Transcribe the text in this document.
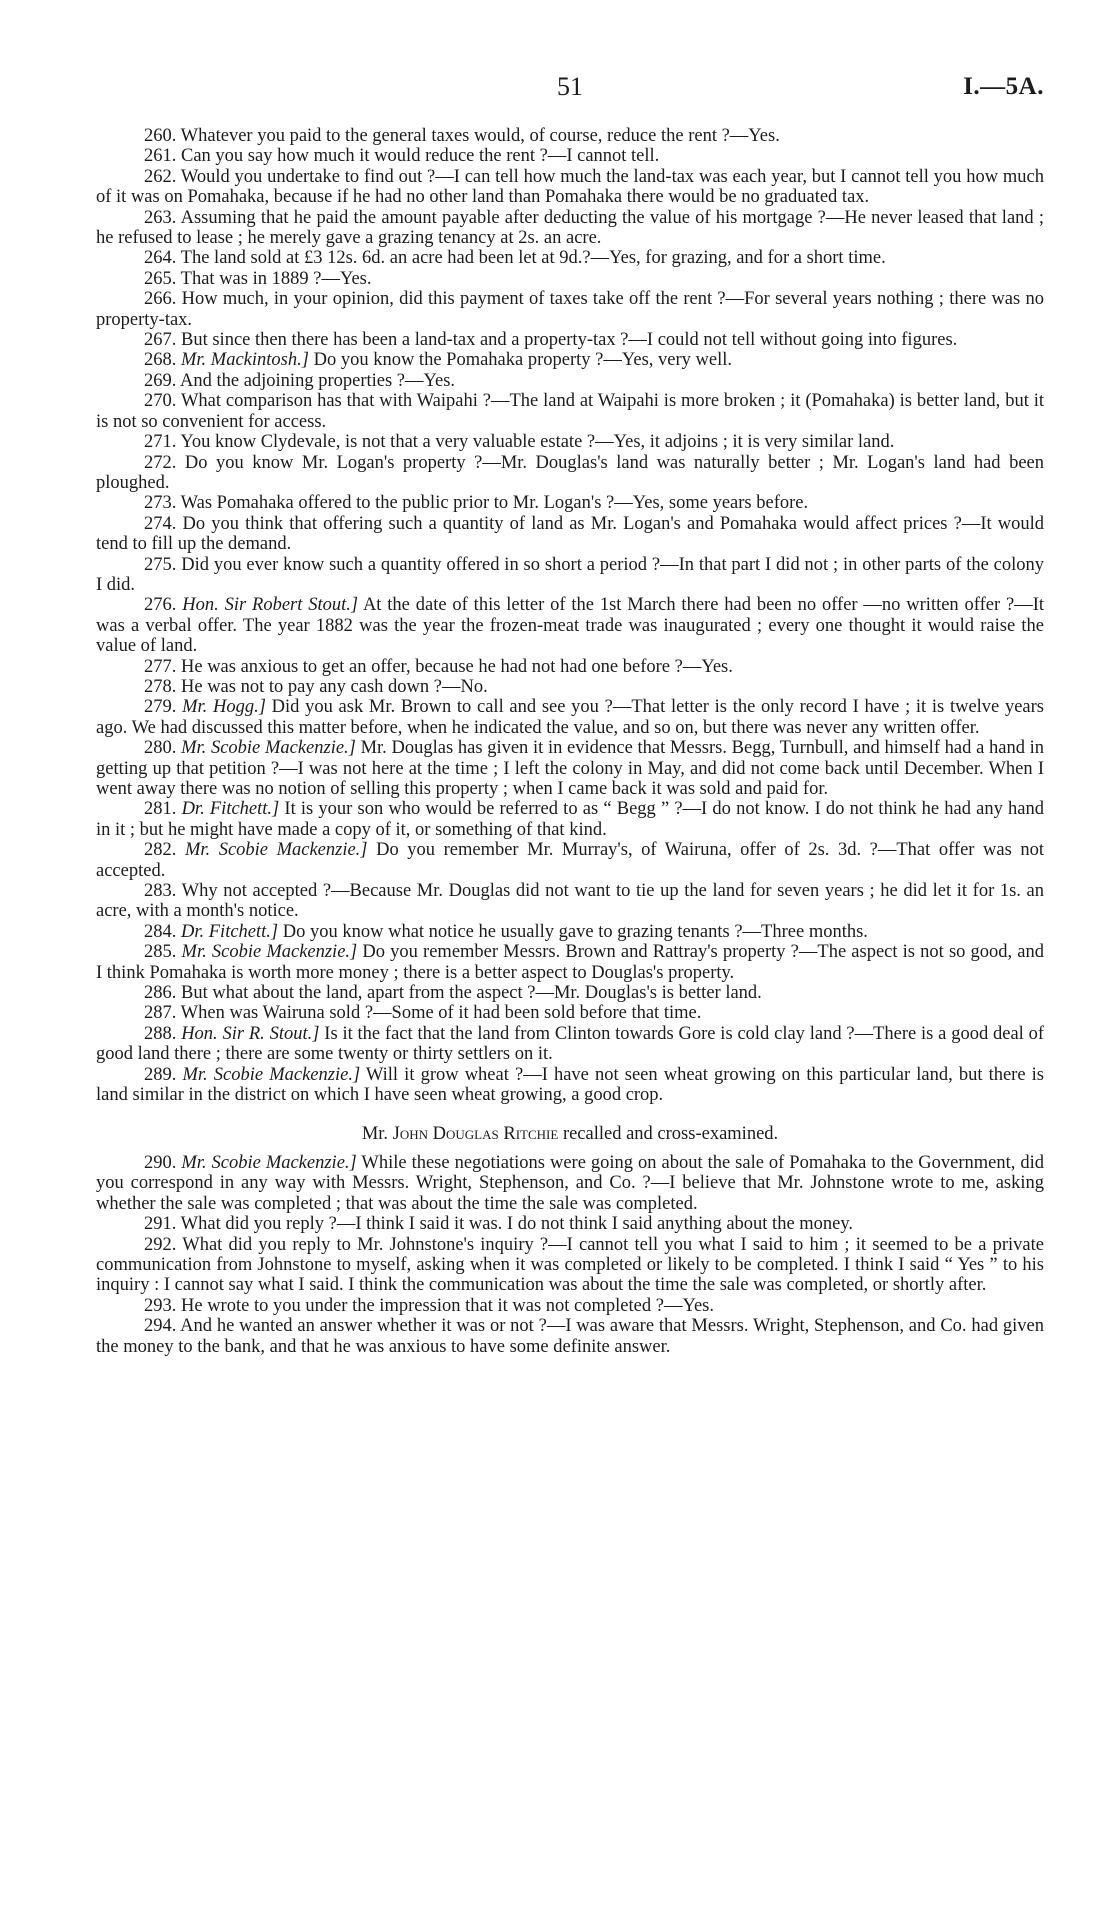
51	I.—5A.

260. Whatever you paid to the general taxes would, of course, reduce the rent ?—Yes.

261. Can you say how much it would reduce the rent ?—I cannot tell.

262. Would you undertake to find out ?—I can tell how much the land-tax was each year, but I cannot tell you how much of it was on Pomahaka, because if he had no other land than Pomahaka there would be no graduated tax.

263. Assuming that he paid the amount payable after deducting the value of his mortgage ?—He never leased that land ; he refused to lease ; he merely gave a grazing tenancy at 2s. an acre.

264. The land sold at £3 12s. 6d. an acre had been let at 9d.?—Yes, for grazing, and for a short time.

265. That was in 1889 ?—Yes.

266. How much, in your opinion, did this payment of taxes take off the rent ?—For several years nothing ; there was no property-tax.

267. But since then there has been a land-tax and a property-tax ?—I could not tell without going into figures.

268. Mr. Mackintosh.] Do you know the Pomahaka property ?—Yes, very well.

269. And the adjoining properties ?—Yes.

270. What comparison has that with Waipahi ?—The land at Waipahi is more broken ; it (Pomahaka) is better land, but it is not so convenient for access.

271. You know Clydevale, is not that a very valuable estate ?—Yes, it adjoins ; it is very similar land.

272. Do you know Mr. Logan's property ?—Mr. Douglas's land was naturally better ; Mr. Logan's land had been ploughed.

273. Was Pomahaka offered to the public prior to Mr. Logan's ?—Yes, some years before.

274. Do you think that offering such a quantity of land as Mr. Logan's and Pomahaka would affect prices ?—It would tend to fill up the demand.

275. Did you ever know such a quantity offered in so short a period ?—In that part I did not ; in other parts of the colony I did.

276. Hon. Sir Robert Stout.] At the date of this letter of the 1st March there had been no offer —no written offer ?—It was a verbal offer. The year 1882 was the year the frozen-meat trade was inaugurated ; every one thought it would raise the value of land.

277. He was anxious to get an offer, because he had not had one before ?—Yes.

278. He was not to pay any cash down ?—No.

279. Mr. Hogg.] Did you ask Mr. Brown to call and see you ?—That letter is the only record I have ; it is twelve years ago. We had discussed this matter before, when he indicated the value, and so on, but there was never any written offer.

280. Mr. Scobie Mackenzie.] Mr. Douglas has given it in evidence that Messrs. Begg, Turnbull, and himself had a hand in getting up that petition ?—I was not here at the time ; I left the colony in May, and did not come back until December. When I went away there was no notion of selling this property ; when I came back it was sold and paid for.

281. Dr. Fitchett.] It is your son who would be referred to as “ Begg ” ?—I do not know. I do not think he had any hand in it ; but he might have made a copy of it, or something of that kind.

282. Mr. Scobie Mackenzie.] Do you remember Mr. Murray's, of Wairuna, offer of 2s. 3d. ?—That offer was not accepted.

283. Why not accepted ?—Because Mr. Douglas did not want to tie up the land for seven years ; he did let it for 1s. an acre, with a month's notice.

284. Dr. Fitchett.] Do you know what notice he usually gave to grazing tenants ?—Three months.

285. Mr. Scobie Mackenzie.] Do you remember Messrs. Brown and Rattray's property ?—The aspect is not so good, and I think Pomahaka is worth more money ; there is a better aspect to Douglas's property.

286. But what about the land, apart from the aspect ?—Mr. Douglas's is better land.

287. When was Wairuna sold ?—Some of it had been sold before that time.

288. Hon. Sir R. Stout.] Is it the fact that the land from Clinton towards Gore is cold clay land ?—There is a good deal of good land there ; there are some twenty or thirty settlers on it.

289. Mr. Scobie Mackenzie.] Will it grow wheat ?—I have not seen wheat growing on this particular land, but there is land similar in the district on which I have seen wheat growing, a good crop.

Mr. John Douglas Ritchie recalled and cross-examined.

290. Mr. Scobie Mackenzie.] While these negotiations were going on about the sale of Pomahaka to the Government, did you correspond in any way with Messrs. Wright, Stephenson, and Co. ?—I believe that Mr. Johnstone wrote to me, asking whether the sale was completed ; that was about the time the sale was completed.

291. What did you reply ?—I think I said it was. I do not think I said anything about the money.

292. What did you reply to Mr. Johnstone's inquiry ?—I cannot tell you what I said to him ; it seemed to be a private communication from Johnstone to myself, asking when it was completed or likely to be completed. I think I said “ Yes ” to his inquiry : I cannot say what I said. I think the communication was about the time the sale was completed, or shortly after.

293. He wrote to you under the impression that it was not completed ?—Yes.

294. And he wanted an answer whether it was or not ?—I was aware that Messrs. Wright, Stephenson, and Co. had given the money to the bank, and that he was anxious to have some definite answer.
